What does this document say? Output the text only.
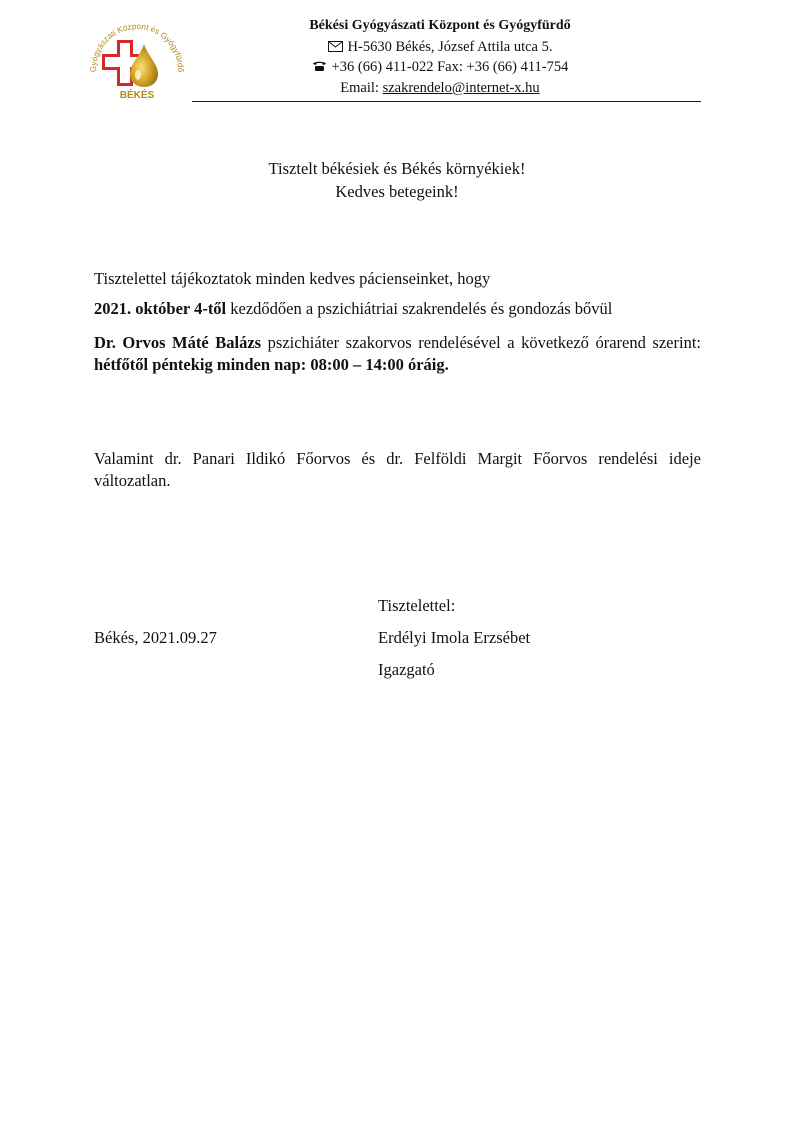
Gyógyászati Központ és Gyógyfürdő
BÉKÉS
Békési Gyógyászati Központ és Gyógyfürdő
H-5630 Békés, József Attila utca 5.
+36 (66) 411-022 Fax: +36 (66) 411-754
Email: szakrendelo@internet-x.hu
Tisztelt békésiek és Békés környékiek!
Kedves betegeink!
Tisztelettel tájékoztatok minden kedves pácienseinket, hogy
2021. október 4-től kezdődően a pszichiátriai szakrendelés és gondozás bővül
Dr. Orvos Máté Balázs pszichiáter szakorvos rendelésével a következő órarend szerint: hétfőtől péntekig minden nap: 08:00 – 14:00 óráig.
Valamint dr. Panari Ildikó Főorvos és dr. Felföldi Margit Főorvos rendelési ideje változatlan.
Tisztelettel:
Békés, 2021.09.27	Erdélyi Imola Erzsébet
Igazgató
